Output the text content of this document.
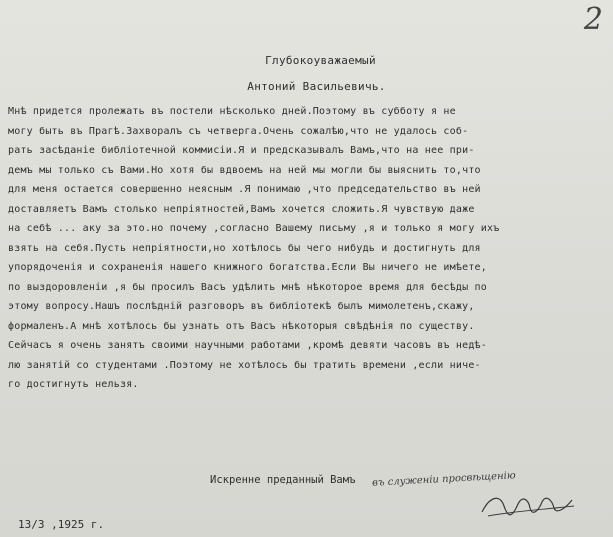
2
Глубокоуважаемый
Антоний Васильевичь.
Мнѣ придется пролежать въ постели нѣсколько дней.Поэтому въ субботу я не
могу быть въ Прагѣ.Захворалъ съ четверга.Очень сожалѣю,что не удалось соб-
рать засѣданіе библіотечной коммисіи.Я и предсказывалъ Вамъ,что на нее при-
демъ мы только съ Вами.Но хотя бы вдвоемъ на ней мы могли бы выяснить то,что
для меня остается совершенно неясным .Я понимаю ,что председательство въ ней
доставляетъ Вамъ столько непріятностей,Вамъ хочется сложить.Я чувствую даже
на себѣ ... аку за это.но почему ,согласно Вашему письму ,я и только я могу ихъ
взять на себя.Пусть непріятности,но хотѣлось бы чего нибудь и достигнуть для
упорядоченія и сохраненія нашего книжного богатства.Если Вы ничего не имѣете,
по выздоровленіи ,я бы просилъ Васъ удѣлить мнѣ нѣкоторое время для бесѣды по
этому вопросу.Нашъ послѣдній разговоръ въ библіотекѣ былъ мимолетенъ,скажу,
формаленъ.А мнѣ хотѣлось бы узнать отъ Васъ нѣкоторыя свѣдѣнія по существу.
Сейчасъ я очень занятъ своими научными работами ,кромѣ девяти часовъ въ недѣ-
лю занятій со студентами .Поэтому не хотѣлось бы тратить времени ,если ниче-
го достигнуть нельзя.
Искренне преданный Вамъ въ служеніи просвѣщенію
13/3 ,1925 г.
